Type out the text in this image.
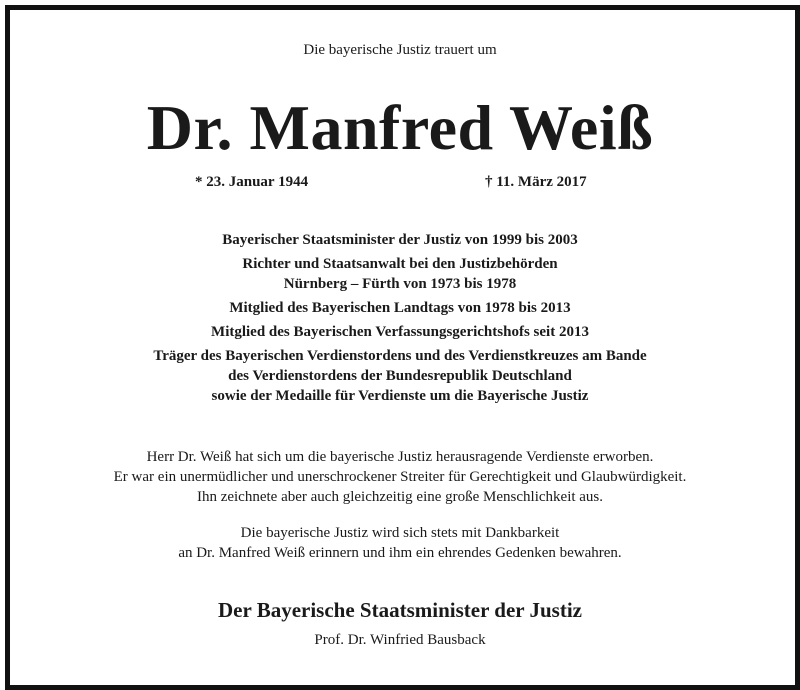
Die bayerische Justiz trauert um
Dr. Manfred Weiß
* 23. Januar 1944	† 11. März 2017
Bayerischer Staatsminister der Justiz von 1999 bis 2003
Richter und Staatsanwalt bei den Justizbehörden
Nürnberg – Fürth von 1973 bis 1978
Mitglied des Bayerischen Landtags von 1978 bis 2013
Mitglied des Bayerischen Verfassungsgerichtshofs seit 2013
Träger des Bayerischen Verdienstordens und des Verdienstkreuzes am Bande
des Verdienstordens der Bundesrepublik Deutschland
sowie der Medaille für Verdienste um die Bayerische Justiz
Herr Dr. Weiß hat sich um die bayerische Justiz herausragende Verdienste erworben.
Er war ein unermüdlicher und unerschrockener Streiter für Gerechtigkeit und Glaubwürdigkeit.
Ihn zeichnete aber auch gleichzeitig eine große Menschlichkeit aus.
Die bayerische Justiz wird sich stets mit Dankbarkeit
an Dr. Manfred Weiß erinnern und ihm ein ehrendes Gedenken bewahren.
Der Bayerische Staatsminister der Justiz
Prof. Dr. Winfried Bausback
